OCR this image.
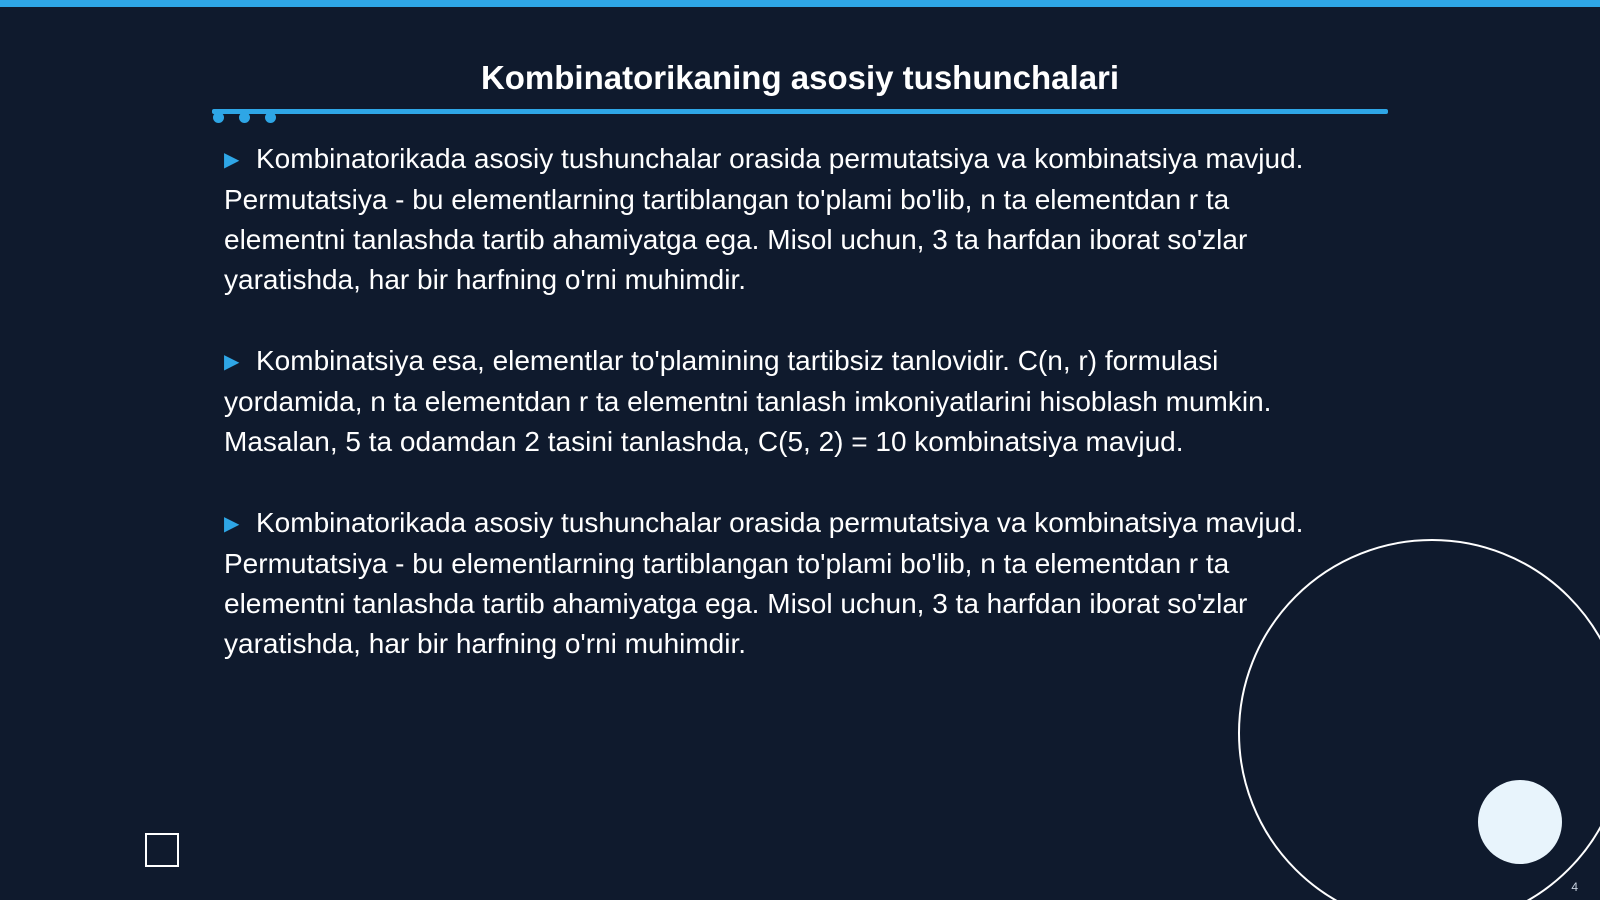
Kombinatorikaning asosiy tushunchalari

▶ Kombinatorikada asosiy tushunchalar orasida permutatsiya va kombinatsiya mavjud. Permutatsiya - bu elementlarning tartiblangan to'plami bo'lib, n ta elementdan r ta elementni tanlashda tartib ahamiyatga ega. Misol uchun, 3 ta harfdan iborat so'zlar yaratishda, har bir harfning o'rni muhimdir.

▶ Kombinatsiya esa, elementlar to'plamining tartibsiz tanlovidir. C(n, r) formulasi yordamida, n ta elementdan r ta elementni tanlash imkoniyatlarini hisoblash mumkin. Masalan, 5 ta odamdan 2 tasini tanlashda, C(5, 2) = 10 kombinatsiya mavjud.

▶ Kombinatorikada asosiy tushunchalar orasida permutatsiya va kombinatsiya mavjud. Permutatsiya - bu elementlarning tartiblangan to'plami bo'lib, n ta elementdan r ta elementni tanlashda tartib ahamiyatga ega. Misol uchun, 3 ta harfdan iborat so'zlar yaratishda, har bir harfning o'rni muhimdir.

4
